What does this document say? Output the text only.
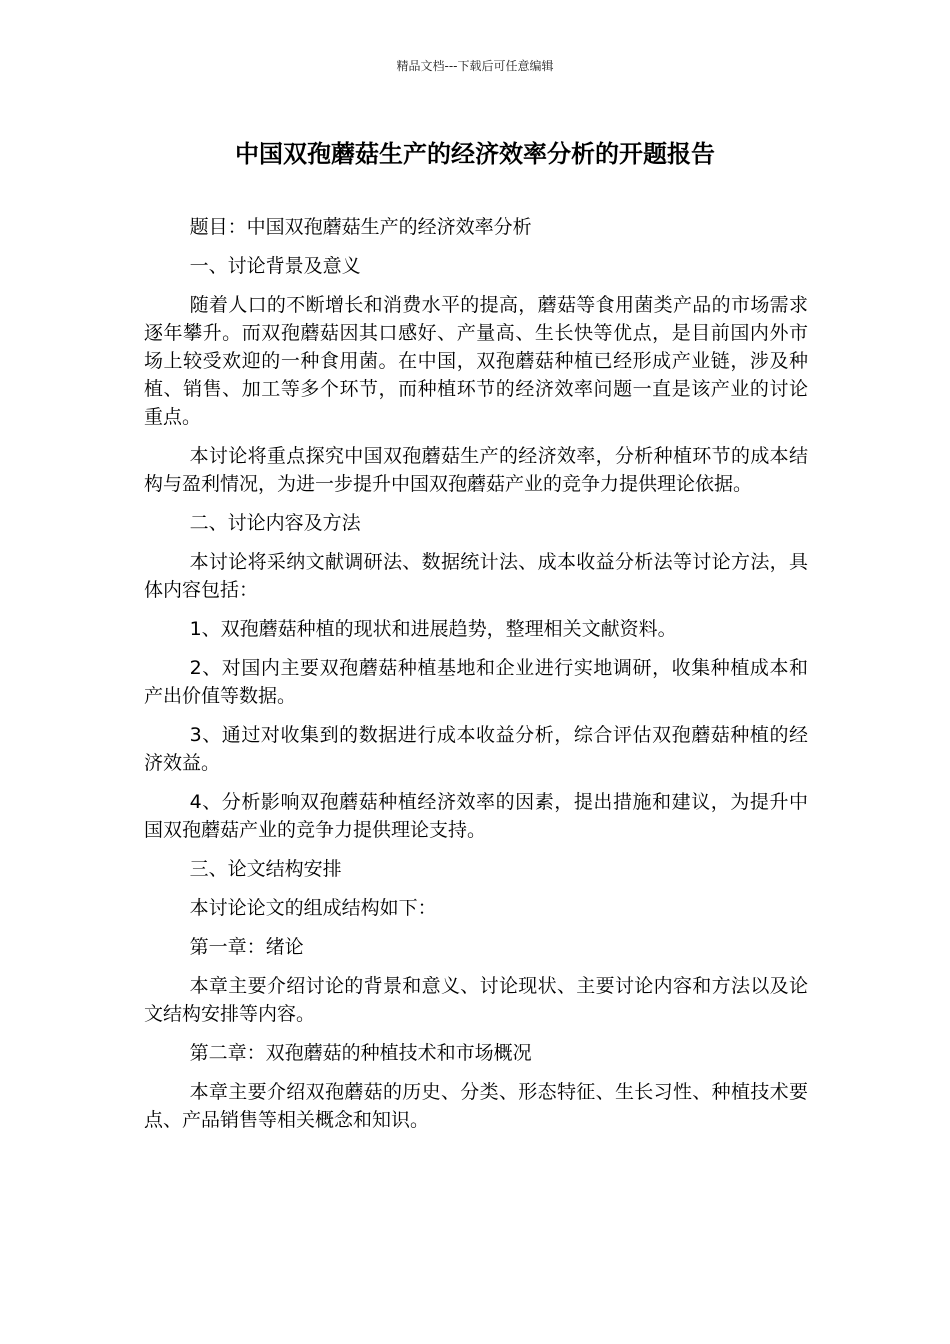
精品文档---下载后可任意编辑
中国双孢蘑菇生产的经济效率分析的开题报告

题目：中国双孢蘑菇生产的经济效率分析

一、讨论背景及意义

随着人口的不断增长和消费水平的提高，蘑菇等食用菌类产品的市场需求逐年攀升。而双孢蘑菇因其口感好、产量高、生长快等优点，是目前国内外市场上较受欢迎的一种食用菌。在中国，双孢蘑菇种植已经形成产业链，涉及种植、销售、加工等多个环节，而种植环节的经济效率问题一直是该产业的讨论重点。

本讨论将重点探究中国双孢蘑菇生产的经济效率，分析种植环节的成本结构与盈利情况，为进一步提升中国双孢蘑菇产业的竞争力提供理论依据。

二、讨论内容及方法

本讨论将采纳文献调研法、数据统计法、成本收益分析法等讨论方法，具体内容包括：

1、双孢蘑菇种植的现状和进展趋势，整理相关文献资料。

2、对国内主要双孢蘑菇种植基地和企业进行实地调研，收集种植成本和产出价值等数据。

3、通过对收集到的数据进行成本收益分析，综合评估双孢蘑菇种植的经济效益。

4、分析影响双孢蘑菇种植经济效率的因素，提出措施和建议，为提升中国双孢蘑菇产业的竞争力提供理论支持。

三、论文结构安排

本讨论论文的组成结构如下：

第一章：绪论

本章主要介绍讨论的背景和意义、讨论现状、主要讨论内容和方法以及论文结构安排等内容。

第二章：双孢蘑菇的种植技术和市场概况

本章主要介绍双孢蘑菇的历史、分类、形态特征、生长习性、种植技术要点、产品销售等相关概念和知识。
